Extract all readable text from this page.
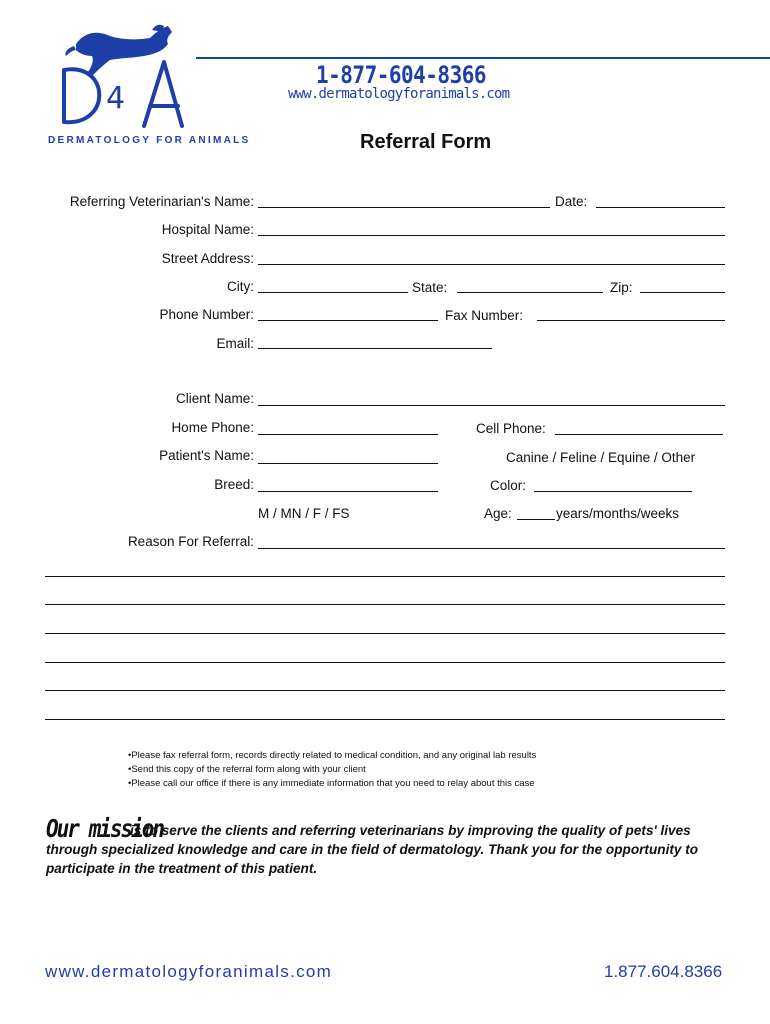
4
DERMATOLOGY FOR ANIMALS
1-877-604-8366
www.dermatologyforanimals.com
Referral Form
Referring Veterinarian's Name:	Date:
Hospital Name:
Street Address:
City:	State:	Zip:
Phone Number:	Fax Number:
Email:
Client Name:
Home Phone:	Cell Phone:
Patient's Name:	Canine / Feline / Equine / Other
Breed:	Color:
M / MN / F / FS	Age:	years/months/weeks
Reason For Referral:
•Please fax referral form, records directly related to medical condition, and any original lab results
•Send this copy of the referral form along with your client
•Please call our office if there is any immediate information that you need to relay about this case
Our mission
is to serve the clients and referring veterinarians by improving the quality of pets' lives
through specialized knowledge and care in the field of dermatology. Thank you for the opportunity to
participate in the treatment of this patient.
www.dermatologyforanimals.com	1.877.604.8366
